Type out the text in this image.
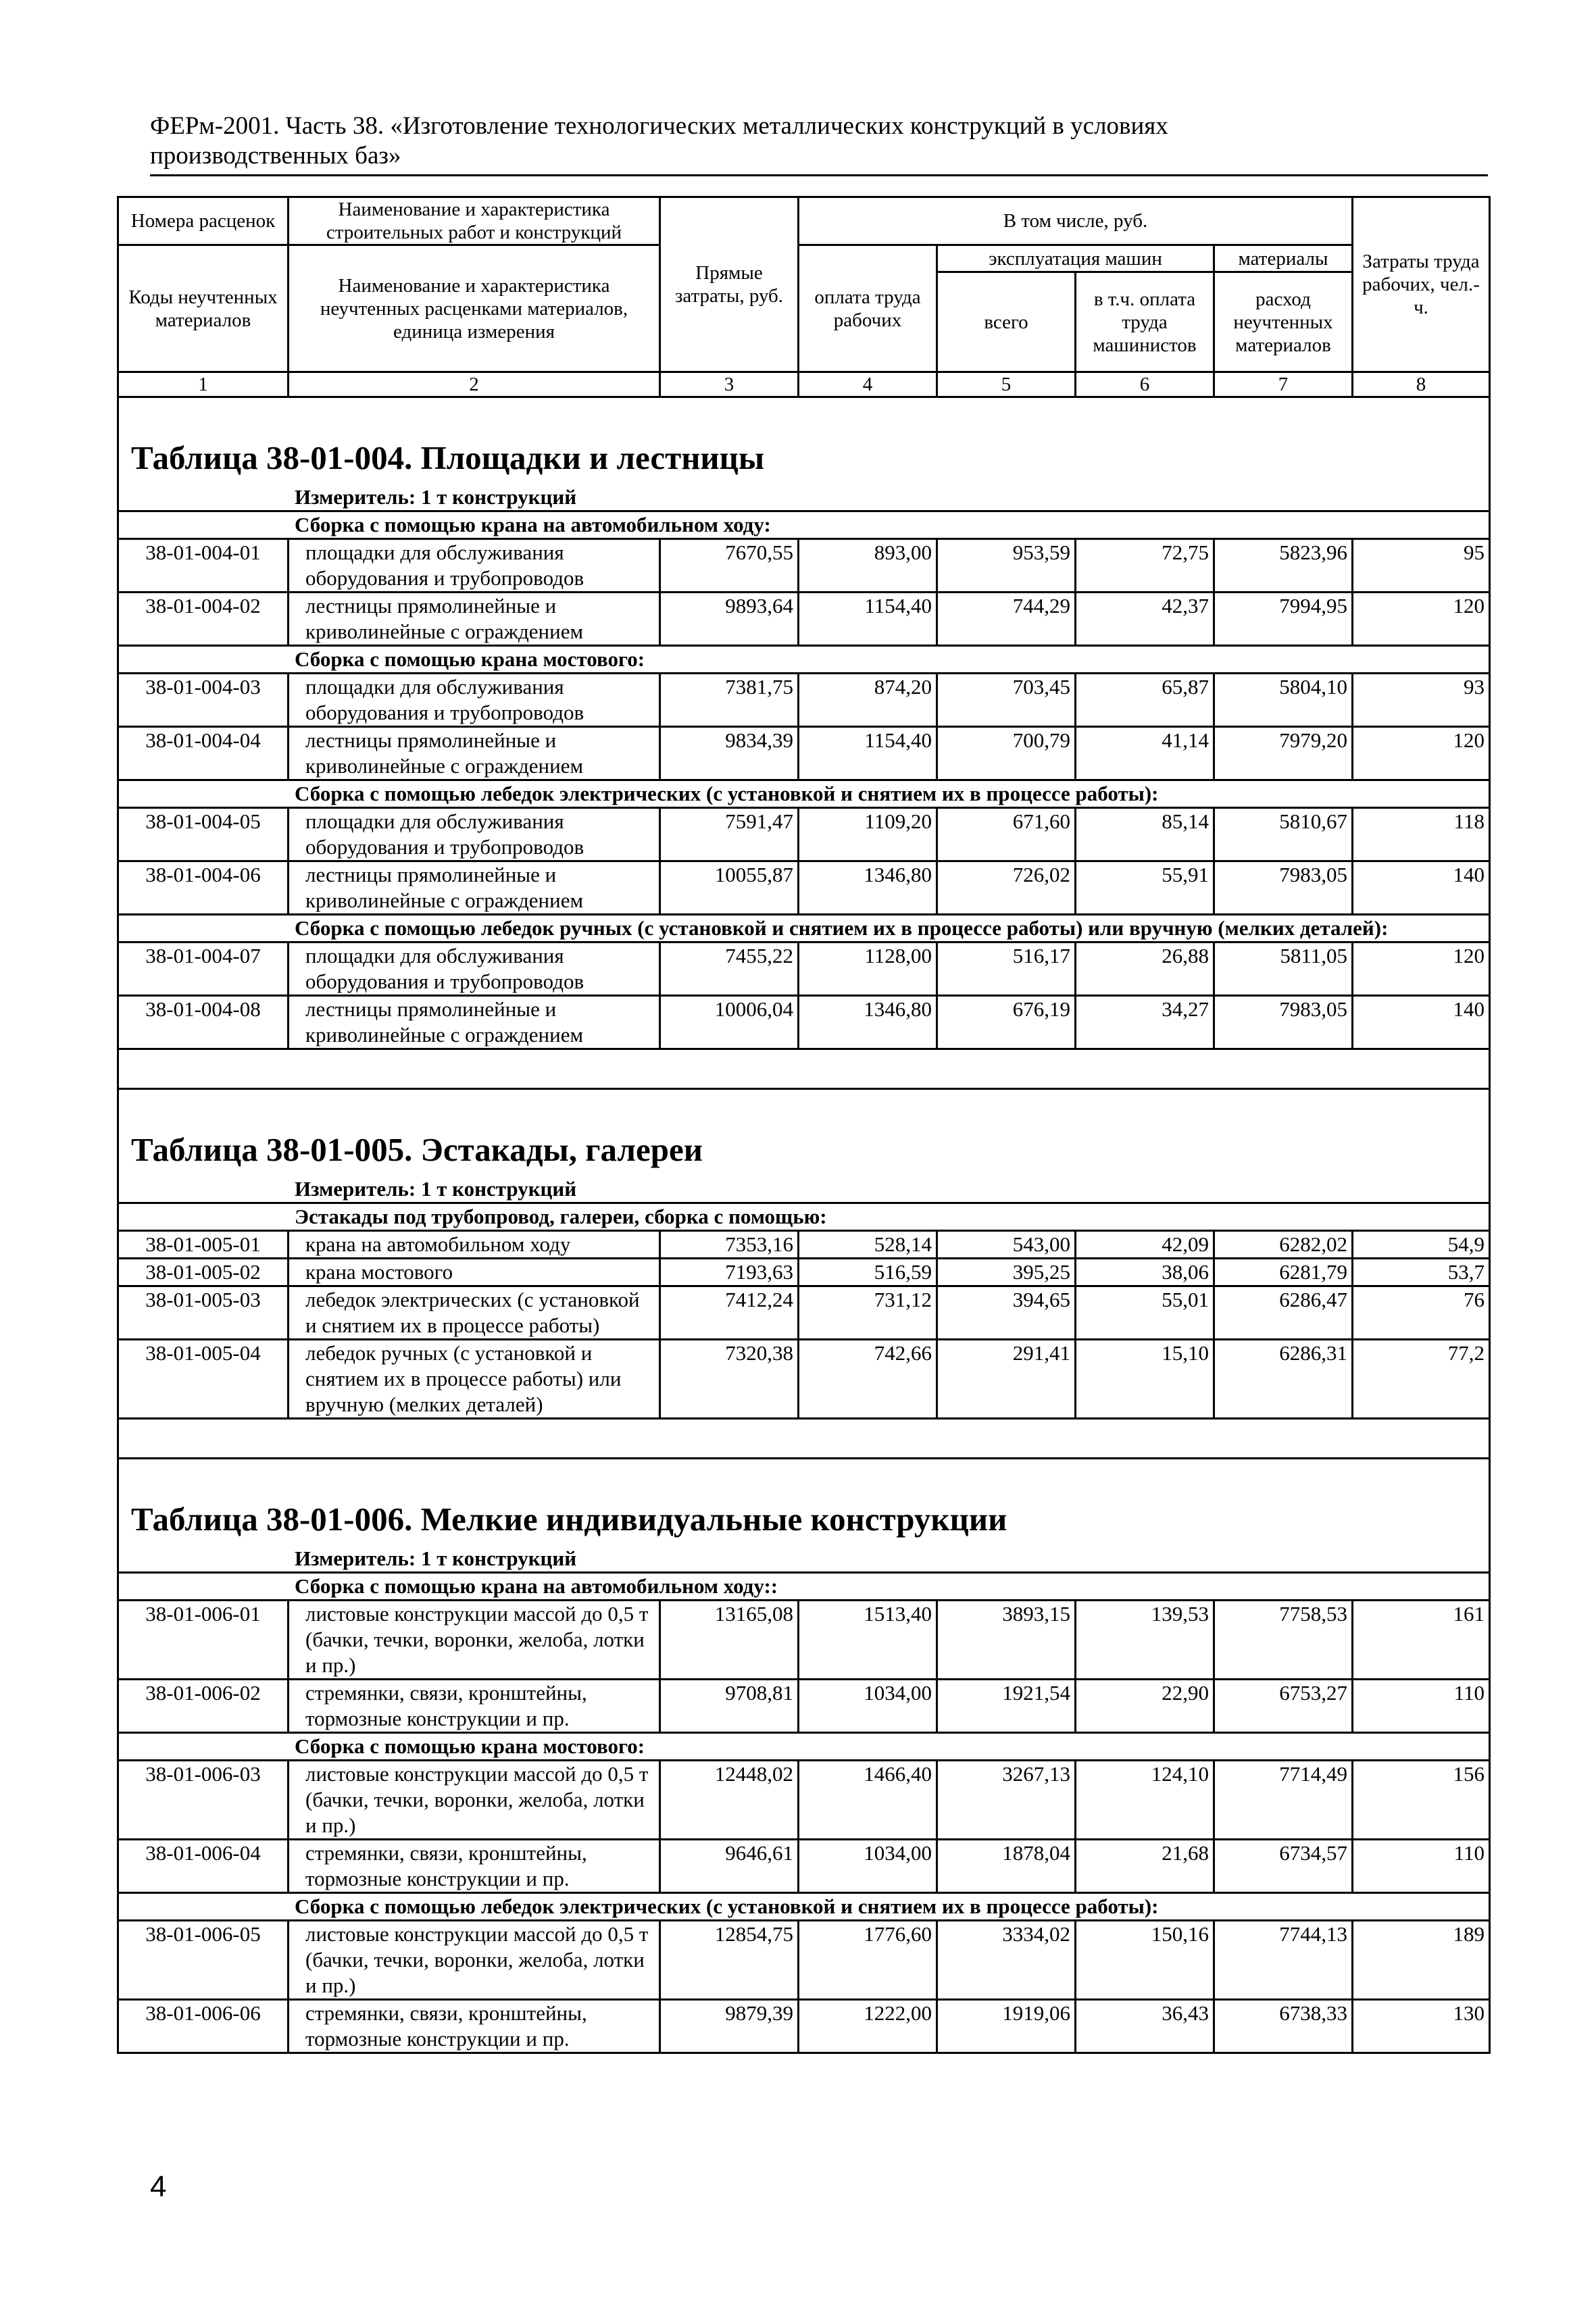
ФЕРм-2001. Часть 38. «Изготовление технологических металлических конструкций в условиях
производственных баз»
Номера расценок	Наименование и характеристика строительных работ и конструкций	Прямые затраты, руб.	В том числе, руб.				Затраты труда рабочих, чел.-ч.
Коды неучтенных материалов	Наименование и характеристика неучтенных расценками материалов, единица измерения		оплата труда рабочих	эксплуатация машин		материалы	
				всего	в т.ч. оплата труда машинистов	расход неучтенных материалов	
1	2	3	4	5	6	7	8
Таблица 38-01-004. Площадки и лестницы							
Измеритель: 1 т конструкций							
Сборка с помощью крана на автомобильном ходу:							
38-01-004-01	площадки для обслуживания оборудования и трубопроводов	7670,55	893,00	953,59	72,75	5823,96	95
38-01-004-02	лестницы прямолинейные и криволинейные с ограждением	9893,64	1154,40	744,29	42,37	7994,95	120
Сборка с помощью крана мостового:							
38-01-004-03	площадки для обслуживания оборудования и трубопроводов	7381,75	874,20	703,45	65,87	5804,10	93
38-01-004-04	лестницы прямолинейные и криволинейные с ограждением	9834,39	1154,40	700,79	41,14	7979,20	120
Сборка с помощью лебедок электрических (с установкой и снятием их в процессе работы):							
38-01-004-05	площадки для обслуживания оборудования и трубопроводов	7591,47	1109,20	671,60	85,14	5810,67	118
38-01-004-06	лестницы прямолинейные и криволинейные с ограждением	10055,87	1346,80	726,02	55,91	7983,05	140
Сборка с помощью лебедок ручных (с установкой и снятием их в процессе работы) или вручную (мелких деталей):							
38-01-004-07	площадки для обслуживания оборудования и трубопроводов	7455,22	1128,00	516,17	26,88	5811,05	120
38-01-004-08	лестницы прямолинейные и криволинейные с ограждением	10006,04	1346,80	676,19	34,27	7983,05	140

Таблица 38-01-005. Эстакады, галереи							
Измеритель: 1 т конструкций							
Эстакады под трубопровод, галереи, сборка с помощью:							
38-01-005-01	крана на автомобильном ходу	7353,16	528,14	543,00	42,09	6282,02	54,9
38-01-005-02	крана мостового	7193,63	516,59	395,25	38,06	6281,79	53,7
38-01-005-03	лебедок электрических (с установкой и снятием их в процессе работы)	7412,24	731,12	394,65	55,01	6286,47	76
38-01-005-04	лебедок ручных (с установкой и снятием их в процессе работы) или вручную (мелких деталей)	7320,38	742,66	291,41	15,10	6286,31	77,2

Таблица 38-01-006. Мелкие индивидуальные конструкции							
Измеритель: 1 т конструкций							
Сборка с помощью крана на автомобильном ходу::							
38-01-006-01	листовые конструкции массой до 0,5 т (бачки, течки, воронки, желоба, лотки и пр.)	13165,08	1513,40	3893,15	139,53	7758,53	161
38-01-006-02	стремянки, связи, кронштейны, тормозные конструкции и пр.	9708,81	1034,00	1921,54	22,90	6753,27	110
Сборка с помощью крана мостового:							
38-01-006-03	листовые конструкции массой до 0,5 т (бачки, течки, воронки, желоба, лотки и пр.)	12448,02	1466,40	3267,13	124,10	7714,49	156
38-01-006-04	стремянки, связи, кронштейны, тормозные конструкции и пр.	9646,61	1034,00	1878,04	21,68	6734,57	110
Сборка с помощью лебедок электрических (с установкой и снятием их в процессе работы):							
38-01-006-05	листовые конструкции массой до 0,5 т (бачки, течки, воронки, желоба, лотки и пр.)	12854,75	1776,60	3334,02	150,16	7744,13	189
38-01-006-06	стремянки, связи, кронштейны, тормозные конструкции и пр.	9879,39	1222,00	1919,06	36,43	6738,33	130
4
